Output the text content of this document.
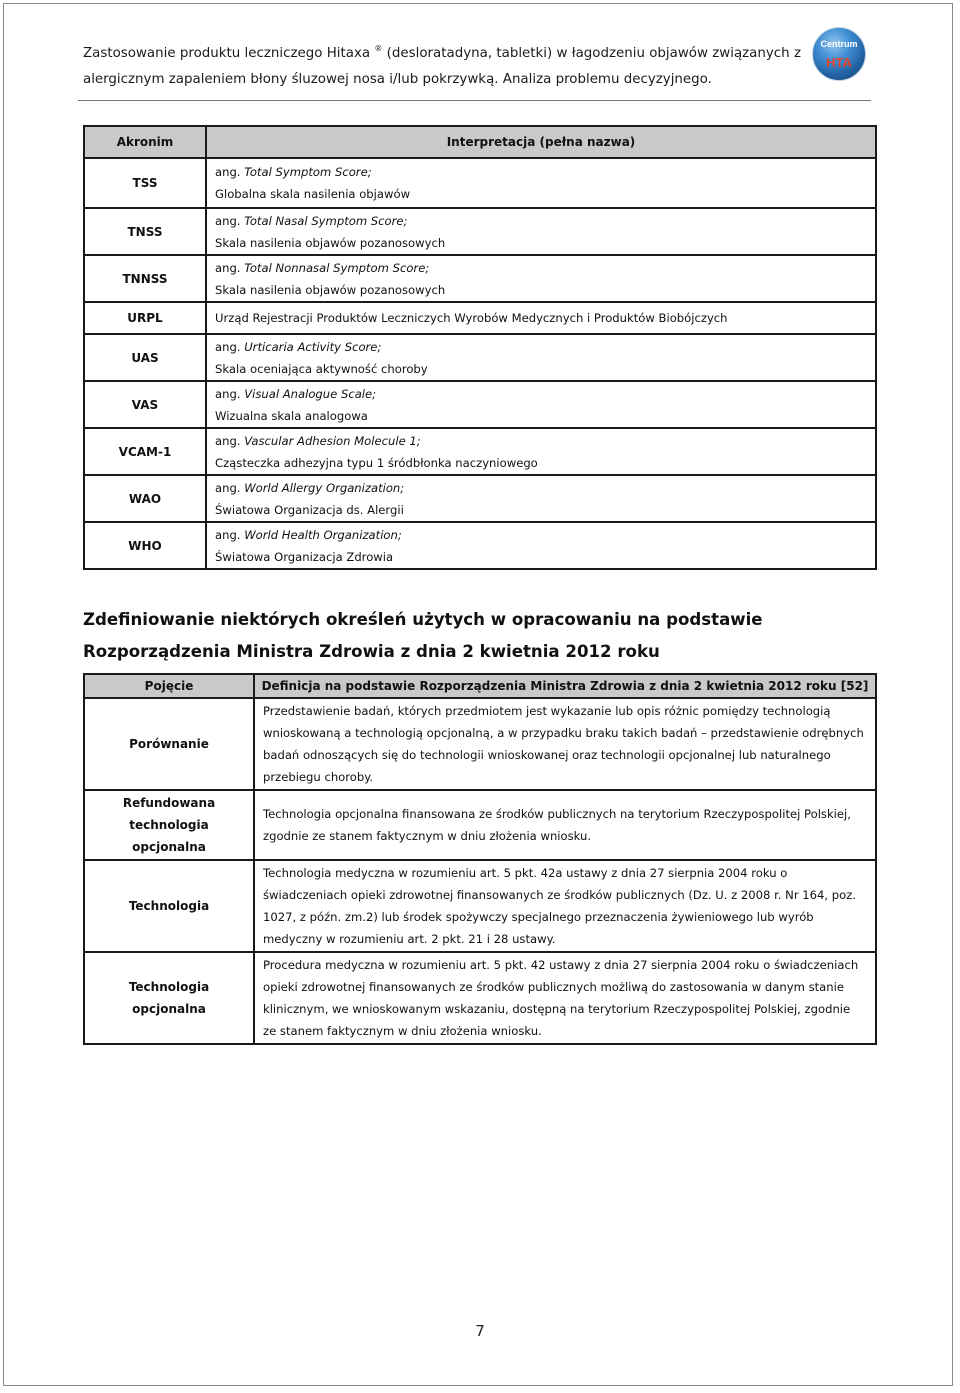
Zastosowanie produktu leczniczego Hitaxa ® (desloratadyna, tabletki) w łagodzeniu objawów związanych z alergicznym zapaleniem błony śluzowej nosa i/lub pokrzywką. Analiza problemu decyzyjnego.
Centrum
HTA
Akronim	Interpretacja (pełna nazwa)
TSS	ang. Total Symptom Score;
Globalna skala nasilenia objawów
TNSS	ang. Total Nasal Symptom Score;
Skala nasilenia objawów pozanosowych
TNNSS	ang. Total Nonnasal Symptom Score;
Skala nasilenia objawów pozanosowych
URPL	Urząd Rejestracji Produktów Leczniczych Wyrobów Medycznych i Produktów Biobójczych
UAS	ang. Urticaria Activity Score;
Skala oceniająca aktywność choroby
VAS	ang. Visual Analogue Scale;
Wizualna skala analogowa
VCAM-1	ang. Vascular Adhesion Molecule 1;
Cząsteczka adhezyjna typu 1 śródbłonka naczyniowego
WAO	ang. World Allergy Organization;
Światowa Organizacja ds. Alergii
WHO	ang. World Health Organization;
Światowa Organizacja Zdrowia
Zdefiniowanie niektórych określeń użytych w opracowaniu na podstawie Rozporządzenia Ministra Zdrowia z dnia 2 kwietnia 2012 roku
Pojęcie	Definicja na podstawie Rozporządzenia Ministra Zdrowia z dnia 2 kwietnia 2012 roku [52]
Porównanie	Przedstawienie badań, których przedmiotem jest wykazanie lub opis różnic pomiędzy technologią wnioskowaną a technologią opcjonalną, a w przypadku braku takich badań – przedstawienie odrębnych badań odnoszących się do technologii wnioskowanej oraz technologii opcjonalnej lub naturalnego przebiegu choroby.
Refundowana technologia opcjonalna	Technologia opcjonalna finansowana ze środków publicznych na terytorium Rzeczypospolitej Polskiej, zgodnie ze stanem faktycznym w dniu złożenia wniosku.
Technologia	Technologia medyczna w rozumieniu art. 5 pkt. 42a ustawy z dnia 27 sierpnia 2004 roku o świadczeniach opieki zdrowotnej finansowanych ze środków publicznych (Dz. U. z 2008 r. Nr 164, poz. 1027, z późn. zm.2) lub środek spożywczy specjalnego przeznaczenia żywieniowego lub wyrób medyczny w rozumieniu art. 2 pkt. 21 i 28 ustawy.
Technologia opcjonalna	Procedura medyczna w rozumieniu art. 5 pkt. 42 ustawy z dnia 27 sierpnia 2004 roku o świadczeniach opieki zdrowotnej finansowanych ze środków publicznych możliwą do zastosowania w danym stanie klinicznym, we wnioskowanym wskazaniu, dostępną na terytorium Rzeczypospolitej Polskiej, zgodnie ze stanem faktycznym w dniu złożenia wniosku.
7
